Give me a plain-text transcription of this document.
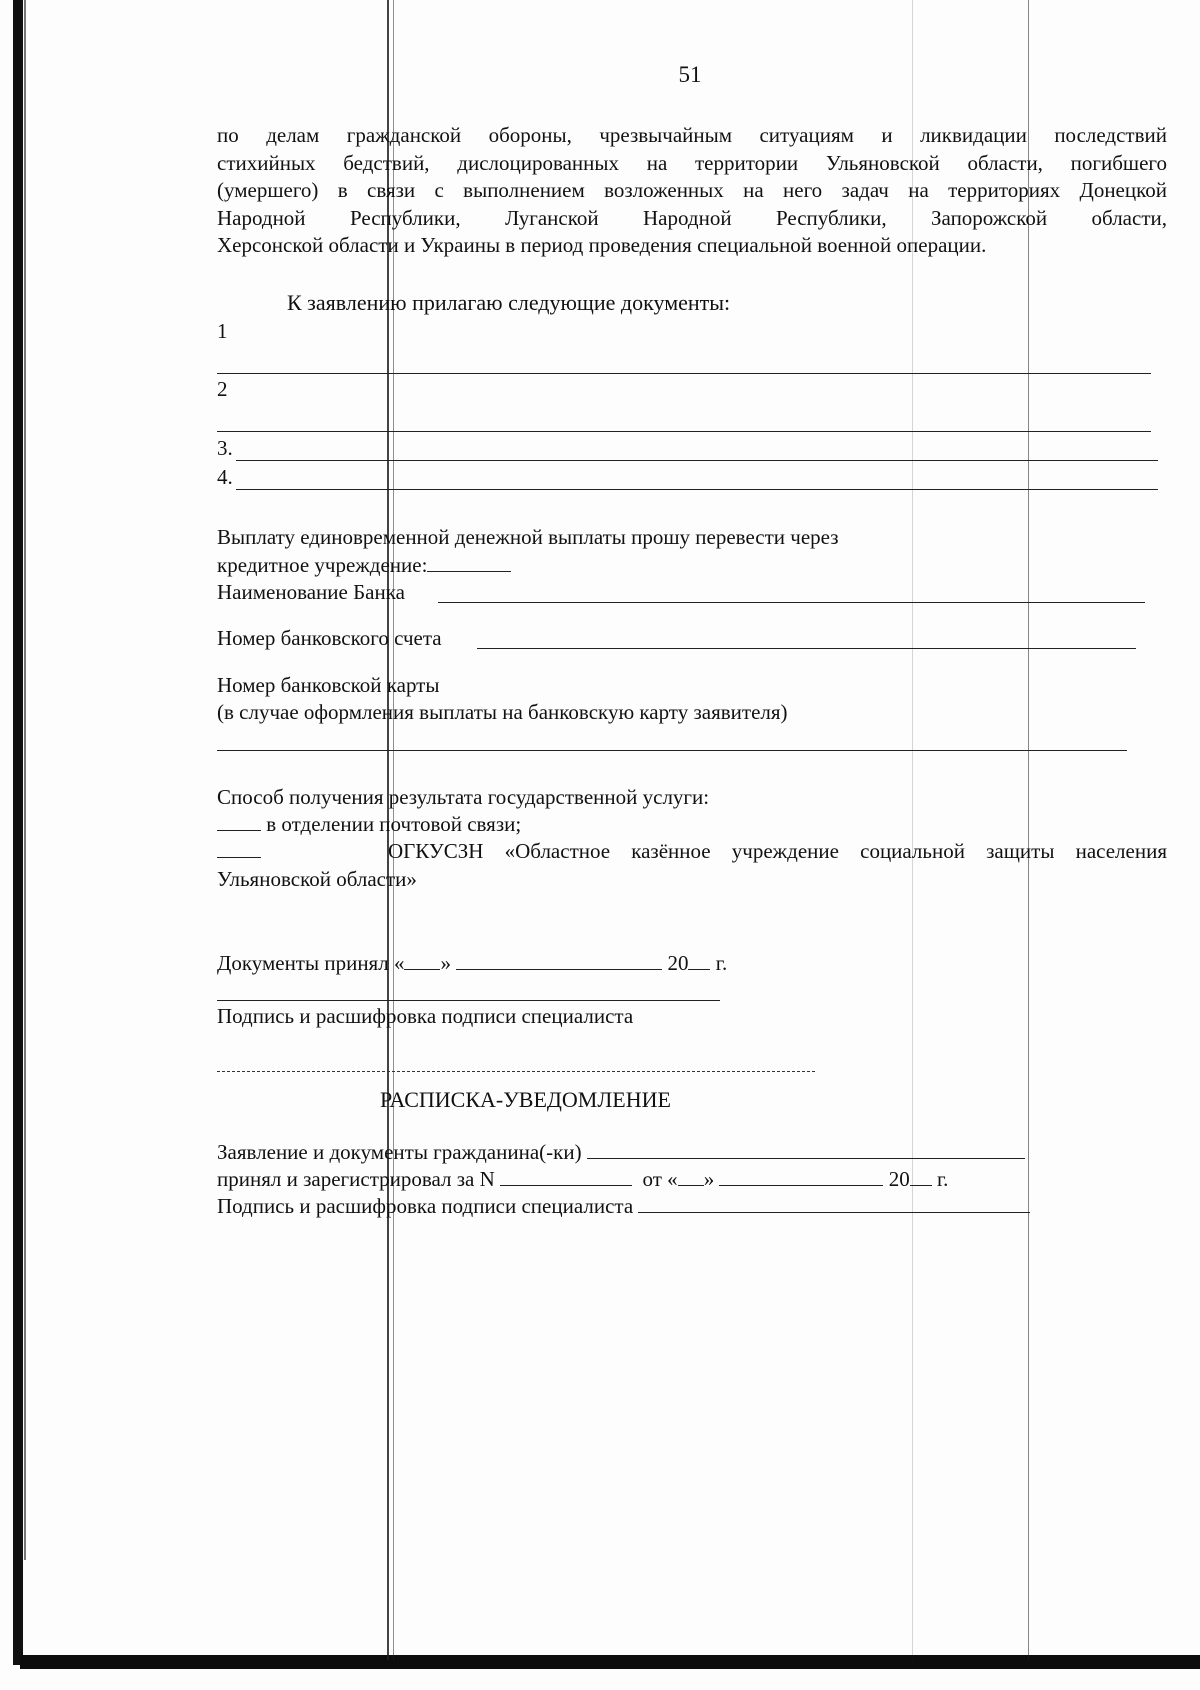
51
по делам гражданской обороны, чрезвычайным ситуациям и ликвидации последствий
стихийных бедствий, дислоцированных на территории Ульяновской области, погибшего
(умершего) в связи с выполнением возложенных на него задач на территориях Донецкой
Народной Республики, Луганской Народной Республики, Запорожской области,
Херсонской области и Украины в период проведения специальной военной операции.
К заявлению прилагаю следующие документы:
1
2
3.
4.
Выплату единовременной денежной выплаты прошу перевести через
кредитное учреждение:
Наименование Банка
Номер банковского счета
Номер банковской карты
(в случае оформления выплаты на банковскую карту заявителя)
Способ получения результата государственной услуги:
в отделении почтовой связи;
ОГКУСЗН «Областное казённое учреждение социальной защиты населения
Ульяновской области»
Документы принял « »	20 г.
Подпись и расшифровка подписи специалиста
РАСПИСКА-УВЕДОМЛЕНИЕ
Заявление и документы гражданина(-ки)
принял и зарегистрировал за N	от « »	20 г.
Подпись и расшифровка подписи специалиста
